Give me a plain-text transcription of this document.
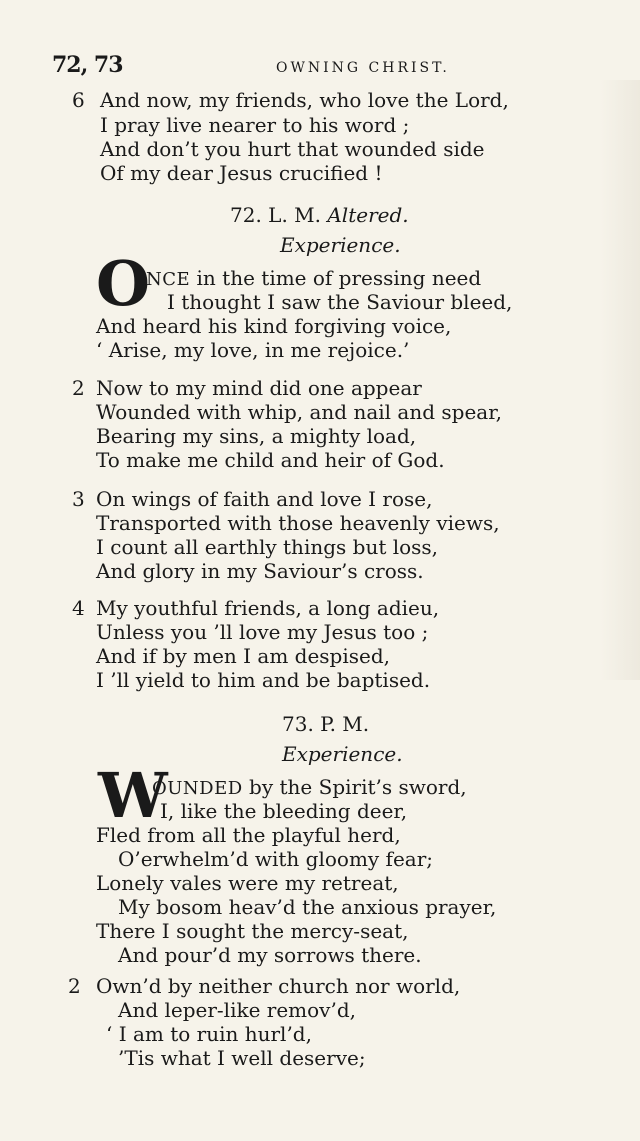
72, 73	OWNING CHRIST.
6 And now, my friends, who love the Lord,
I pray live nearer to his word ;
And don’t you hurt that wounded side
Of my dear Jesus crucified !
72. L. M. Altered.
Experience.
O
NCE in the time of pressing need
I thought I saw the Saviour bleed,
And heard his kind forgiving voice,
‘ Arise, my love, in me rejoice.’
2 Now to my mind did one appear
Wounded with whip, and nail and spear,
Bearing my sins, a mighty load,
To make me child and heir of God.
3 On wings of faith and love I rose,
Transported with those heavenly views,
I count all earthly things but loss,
And glory in my Saviour’s cross.
4 My youthful friends, a long adieu,
Unless you ’ll love my Jesus too ;
And if by men I am despised,
I ’ll yield to him and be baptised.
73. P. M.
Experience.
W
OUNDED by the Spirit’s sword,
I, like the bleeding deer,
Fled from all the playful herd,
O’erwhelm’d with gloomy fear;
Lonely vales were my retreat,
My bosom heav’d the anxious prayer,
There I sought the mercy-seat,
And pour’d my sorrows there.
2 Own’d by neither church nor world,
And leper-like remov’d,
‘ I am to ruin hurl’d,
’Tis what I well deserve;
